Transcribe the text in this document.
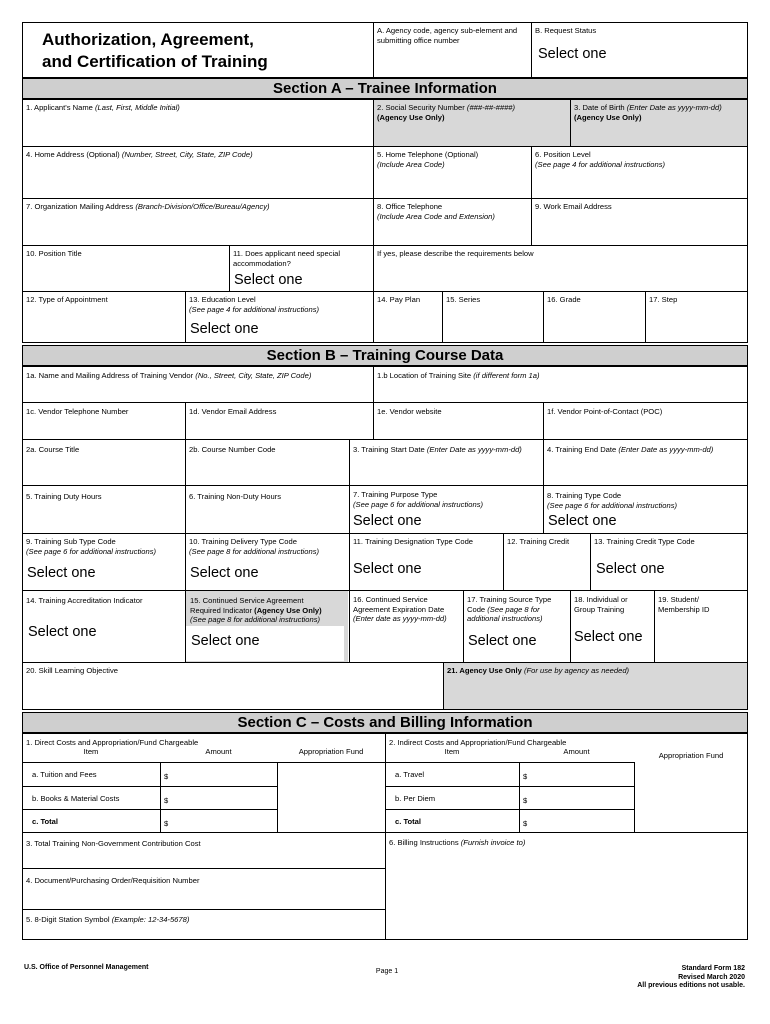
Authorization, Agreement,
and Certification of Training
A. Agency code, agency sub-element and submitting office number
B. Request Status
Select one
Section A – Trainee Information
1. Applicant's Name (Last, First, Middle Initial)	2. Social Security Number (###-##-####)
(Agency Use Only)
3. Date of Birth (Enter Date as yyyy-mm-dd)
(Agency Use Only)
4. Home Address (Optional) (Number, Street, City, State, ZIP Code)	5. Home Telephone (Optional)
(Include Area Code)
6. Position Level
(See page 4 for additional instructions)
7. Organization Mailing Address (Branch-Division/Office/Bureau/Agency)	8. Office Telephone
(Include Area Code and Extension)
9. Work Email Address
10. Position Title	11. Does applicant need special accommodation?
Select one
If yes, please describe the requirements below
12. Type of Appointment	13. Education Level
(See page 4 for additional instructions)
Select one
14. Pay Plan	15. Series	16. Grade	17. Step
Section B – Training Course Data
1a. Name and Mailing Address of Training Vendor (No., Street, City, State, ZIP Code)	1.b Location of Training Site (if different form 1a)
1c. Vendor Telephone Number	1d. Vendor Email Address	1e. Vendor website	1f. Vendor Point-of-Contact (POC)
2a. Course Title	2b. Course Number Code	3. Training Start Date (Enter Date as yyyy-mm-dd)	4. Training End Date (Enter Date as yyyy-mm-dd)
5. Training Duty Hours	6. Training Non-Duty Hours	7. Training Purpose Type
(See page 6 for additional instructions)
Select one
8. Training Type Code
(See page 6 for additional instructions)
Select one
9. Training Sub Type Code
(See page 6 for additional instructions)
Select one
10. Training Delivery Type Code
(See page 8 for additional instructions)
Select one
11. Training Designation Type Code
Select one
12. Training Credit	13. Training Credit Type Code
Select one
14. Training Accreditation Indicator
Select one
15. Continued Service Agreement
Required Indicator (Agency Use Only)
(See page 8 for additional instructions)
Select one
16. Continued Service
Agreement Expiration Date
(Enter date as yyyy-mm-dd)
17. Training Source Type
Code (See page 8 for
additional instructions)
Select one
18. Individual or
Group Training
Select one
19. Student/
Membership ID
20. Skill Learning Objective	21. Agency Use Only (For use by agency as needed)
Section C – Costs and Billing Information
1. Direct Costs and Appropriation/Fund Chargeable
Item	Amount	Appropriation Fund
a. Tuition and Fees	$
b. Books & Material Costs	$
c. Total	$
2. Indirect Costs and Appropriation/Fund Chargeable
Item	Amount	Appropriation Fund
a. Travel	$
b. Per Diem	$
c. Total	$
3. Total Training Non-Government Contribution Cost
4. Document/Purchasing Order/Requisition Number
5. 8-Digit Station Symbol (Example: 12-34-5678)
6. Billing Instructions (Furnish invoice to)
U.S. Office of Personnel Management
Page 1	Standard Form 182
Revised March 2020
All previous editions not usable.
